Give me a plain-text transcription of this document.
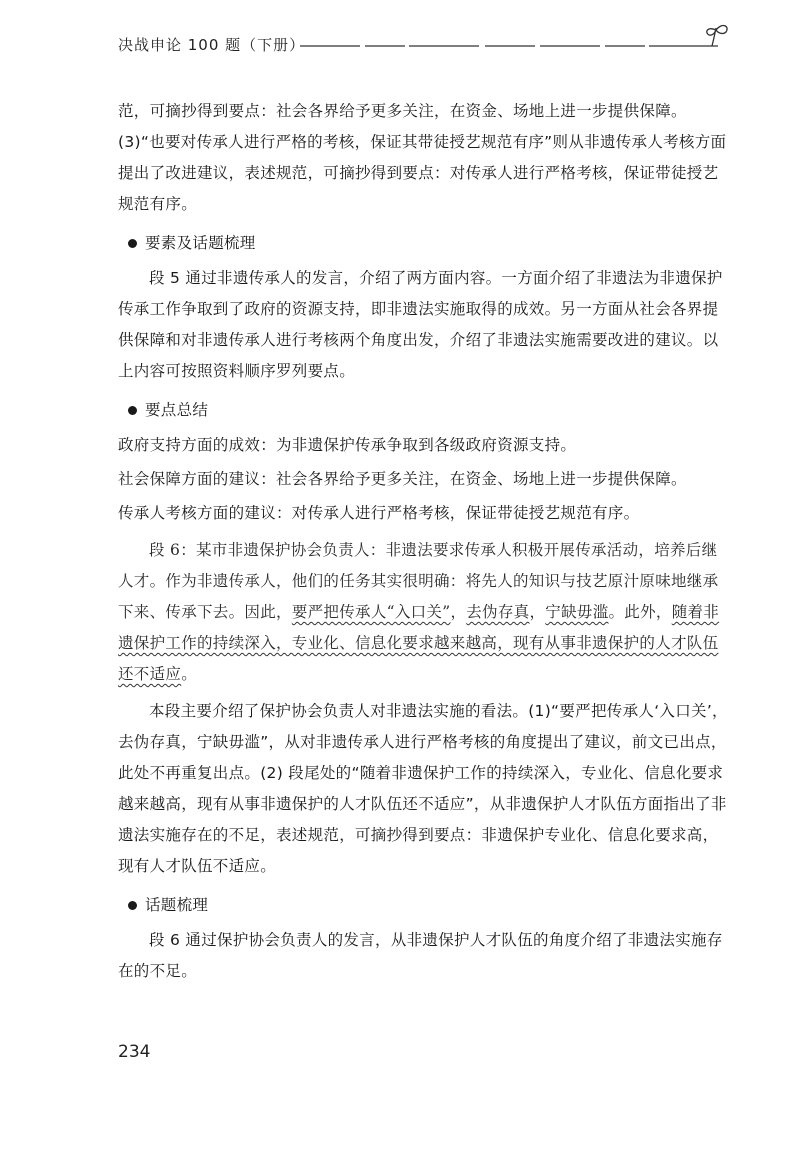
决战申论 100 题（下册）

范，可摘抄得到要点：社会各界给予更多关注，在资金、场地上进一步提供保障。(3)“也要对传承人进行严格的考核，保证其带徒授艺规范有序”则从非遗传承人考核方面提出了改进建议，表述规范，可摘抄得到要点：对传承人进行严格考核，保证带徒授艺规范有序。

要素及话题梳理

段 5 通过非遗传承人的发言，介绍了两方面内容。一方面介绍了非遗法为非遗保护传承工作争取到了政府的资源支持，即非遗法实施取得的成效。另一方面从社会各界提供保障和对非遗传承人进行考核两个角度出发，介绍了非遗法实施需要改进的建议。以上内容可按照资料顺序罗列要点。

要点总结

政府支持方面的成效：为非遗保护传承争取到各级政府资源支持。

社会保障方面的建议：社会各界给予更多关注，在资金、场地上进一步提供保障。

传承人考核方面的建议：对传承人进行严格考核，保证带徒授艺规范有序。

段 6：某市非遗保护协会负责人：非遗法要求传承人积极开展传承活动，培养后继人才。作为非遗传承人，他们的任务其实很明确：将先人的知识与技艺原汁原味地继承下来、传承下去。因此，要严把传承人“入口关”，去伪存真，宁缺毋滥。此外，随着非遗保护工作的持续深入，专业化、信息化要求越来越高，现有从事非遗保护的人才队伍还不适应。

本段主要介绍了保护协会负责人对非遗法实施的看法。(1)“要严把传承人‘入口关’，去伪存真，宁缺毋滥”，从对非遗传承人进行严格考核的角度提出了建议，前文已出点，此处不再重复出点。(2) 段尾处的“随着非遗保护工作的持续深入，专业化、信息化要求越来越高，现有从事非遗保护的人才队伍还不适应”，从非遗保护人才队伍方面指出了非遗法实施存在的不足，表述规范，可摘抄得到要点：非遗保护专业化、信息化要求高，现有人才队伍不适应。

话题梳理

段 6 通过保护协会负责人的发言，从非遗保护人才队伍的角度介绍了非遗法实施存在的不足。

234
